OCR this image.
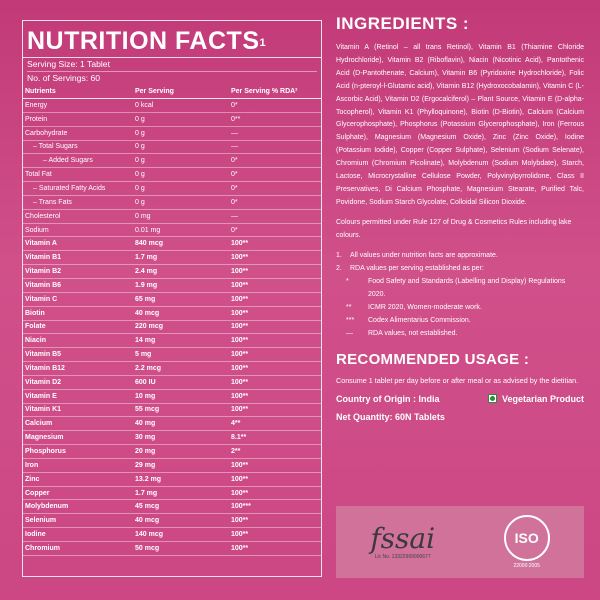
NUTRITION FACTS$^1$
Serving Size: 1 Tablet
No. of Servings: 60
Nutrients	Per Serving	Per Serving % RDA²
Energy	0 kcal	0*
Protein	0 g	0**
Carbohydrate	0 g	—
– Total Sugars	0 g	—
– Added Sugars	0 g	0*
Total Fat	0 g	0*
– Saturated Fatty Acids	0 g	0*
– Trans Fats	0 g	0*
Cholesterol	0 mg	—
Sodium	0.01 mg	0*
Vitamin A	840 mcg	100**
Vitamin B1	1.7 mg	100**
Vitamin B2	2.4 mg	100**
Vitamin B6	1.9 mg	100**
Vitamin C	65 mg	100**
Biotin	40 mcg	100**
Folate	220 mcg	100**
Niacin	14 mg	100**
Vitamin B5	5 mg	100**
Vitamin B12	2.2 mcg	100**
Vitamin D2	600 IU	100**
Vitamin E	10 mg	100**
Vitamin K1	55 mcg	100**
Calcium	40 mg	4**
Magnesium	30 mg	8.1**
Phosphorus	20 mg	2**
Iron	29 mg	100**
Zinc	13.2 mg	100**
Copper	1.7 mg	100**
Molybdenum	45 mcg	100***
Selenium	40 mcg	100**
Iodine	140 mcg	100**
Chromium	50 mcg	100**
INGREDIENTS :
Vitamin A (Retinol – all trans Retinol), Vitamin B1 (Thiamine Chloride Hydrochloride), Vitamin B2 (Riboflavin), Niacin (Nicotinic Acid), Pantothenic Acid (D-Pantothenate, Calcium), Vitamin B6 (Pyridoxine Hydrochloride), Folic Acid (n-pteroyl-l-Glutamic acid), Vitamin B12 (Hydroxocobalamin), Vitamin C (L-Ascorbic Acid), Vitamin D2 (Ergocalciferol) – Plant Source, Vitamin E (D-alpha-Tocopherol), Vitamin K1 (Phylloquinone), Biotin (D-Biotin), Calcium (Calcium Glycerophosphate), Phosphorus (Potassium Glycerophosphate), Iron (Ferrous Sulphate), Magnesium (Magnesium Oxide), Zinc (Zinc Oxide), Iodine (Potassium Iodide), Copper (Copper Sulphate), Selenium (Sodium Selenate), Chromium (Chromium Picolinate), Molybdenum (Sodium Molybdate), Starch, Lactose, Microcrystalline Cellulose Powder, Polyvinylpyrrolidone, Class II Preservatives, Di Calcium Phosphate, Magnesium Stearate, Purified Talc, Povidone, Sodium Starch Glycolate, Colloidal Silicon Dioxide.
Colours permitted under Rule 127 of Drug & Cosmetics Rules including lake colours.
1.	All values under nutrition facts are approximate.
2.	RDA values per serving established as per:
*	Food Safety and Standards (Labelling and Display) Regulations 2020.
**	ICMR 2020, Women-moderate work.
***	Codex Alimentarius Commission.
—	RDA values, not established.
RECOMMENDED USAGE :
Consume 1 tablet per day before or after meal or as advised by the dietitian.
Country of Origin : India	Vegetarian Product
Net Quantity: 60N Tablets
fssai
Lic No. 13322999000677
ISO
22000:2005
